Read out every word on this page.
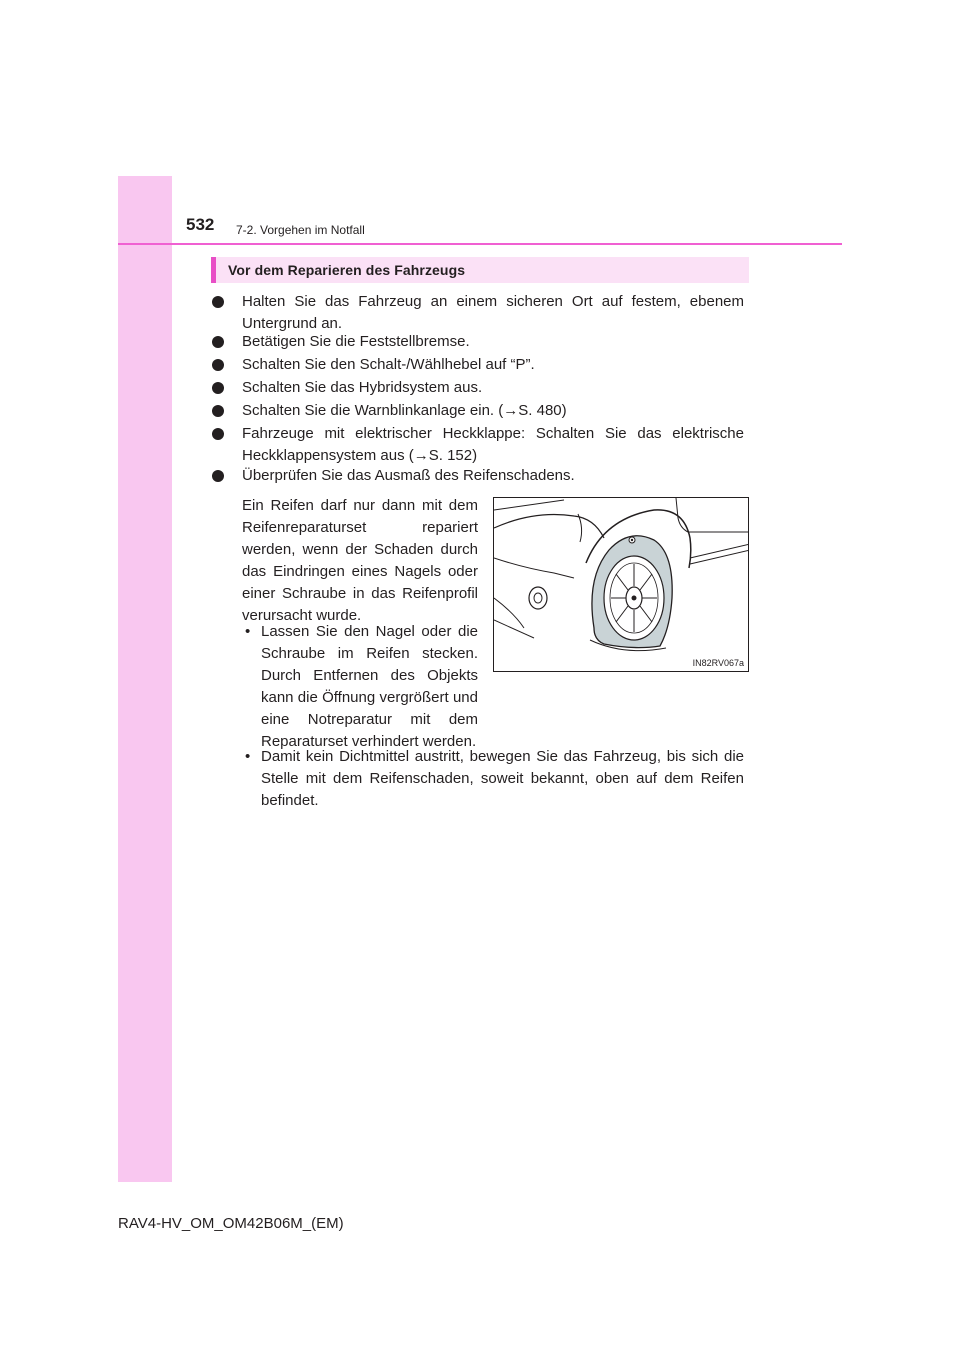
532 7-2. Vorgehen im Notfall
Vor dem Reparieren des Fahrzeugs
Halten Sie das Fahrzeug an einem sicheren Ort auf festem, ebenem Untergrund an.
Betätigen Sie die Feststellbremse.
Schalten Sie den Schalt-/Wählhebel auf “P”.
Schalten Sie das Hybridsystem aus.
Schalten Sie die Warnblinkanlage ein. (→S. 480)
Fahrzeuge mit elektrischer Heckklappe: Schalten Sie das elektrische Heckklappensystem aus (→S. 152)
Überprüfen Sie das Ausmaß des Reifenschadens.
Ein Reifen darf nur dann mit dem Reifenreparaturset repariert werden, wenn der Schaden durch das Eindringen eines Nagels oder einer Schraube in das Reifenprofil verursacht wurde.
• Lassen Sie den Nagel oder die Schraube im Reifen stecken. Durch Entfernen des Objekts kann die Öffnung vergrößert und eine Notreparatur mit dem Reparaturset verhindert werden.
• Damit kein Dichtmittel austritt, bewegen Sie das Fahrzeug, bis sich die Stelle mit dem Reifenschaden, soweit bekannt, oben auf dem Reifen befindet.
IN82RV067a
RAV4-HV_OM_OM42B06M_(EM)
